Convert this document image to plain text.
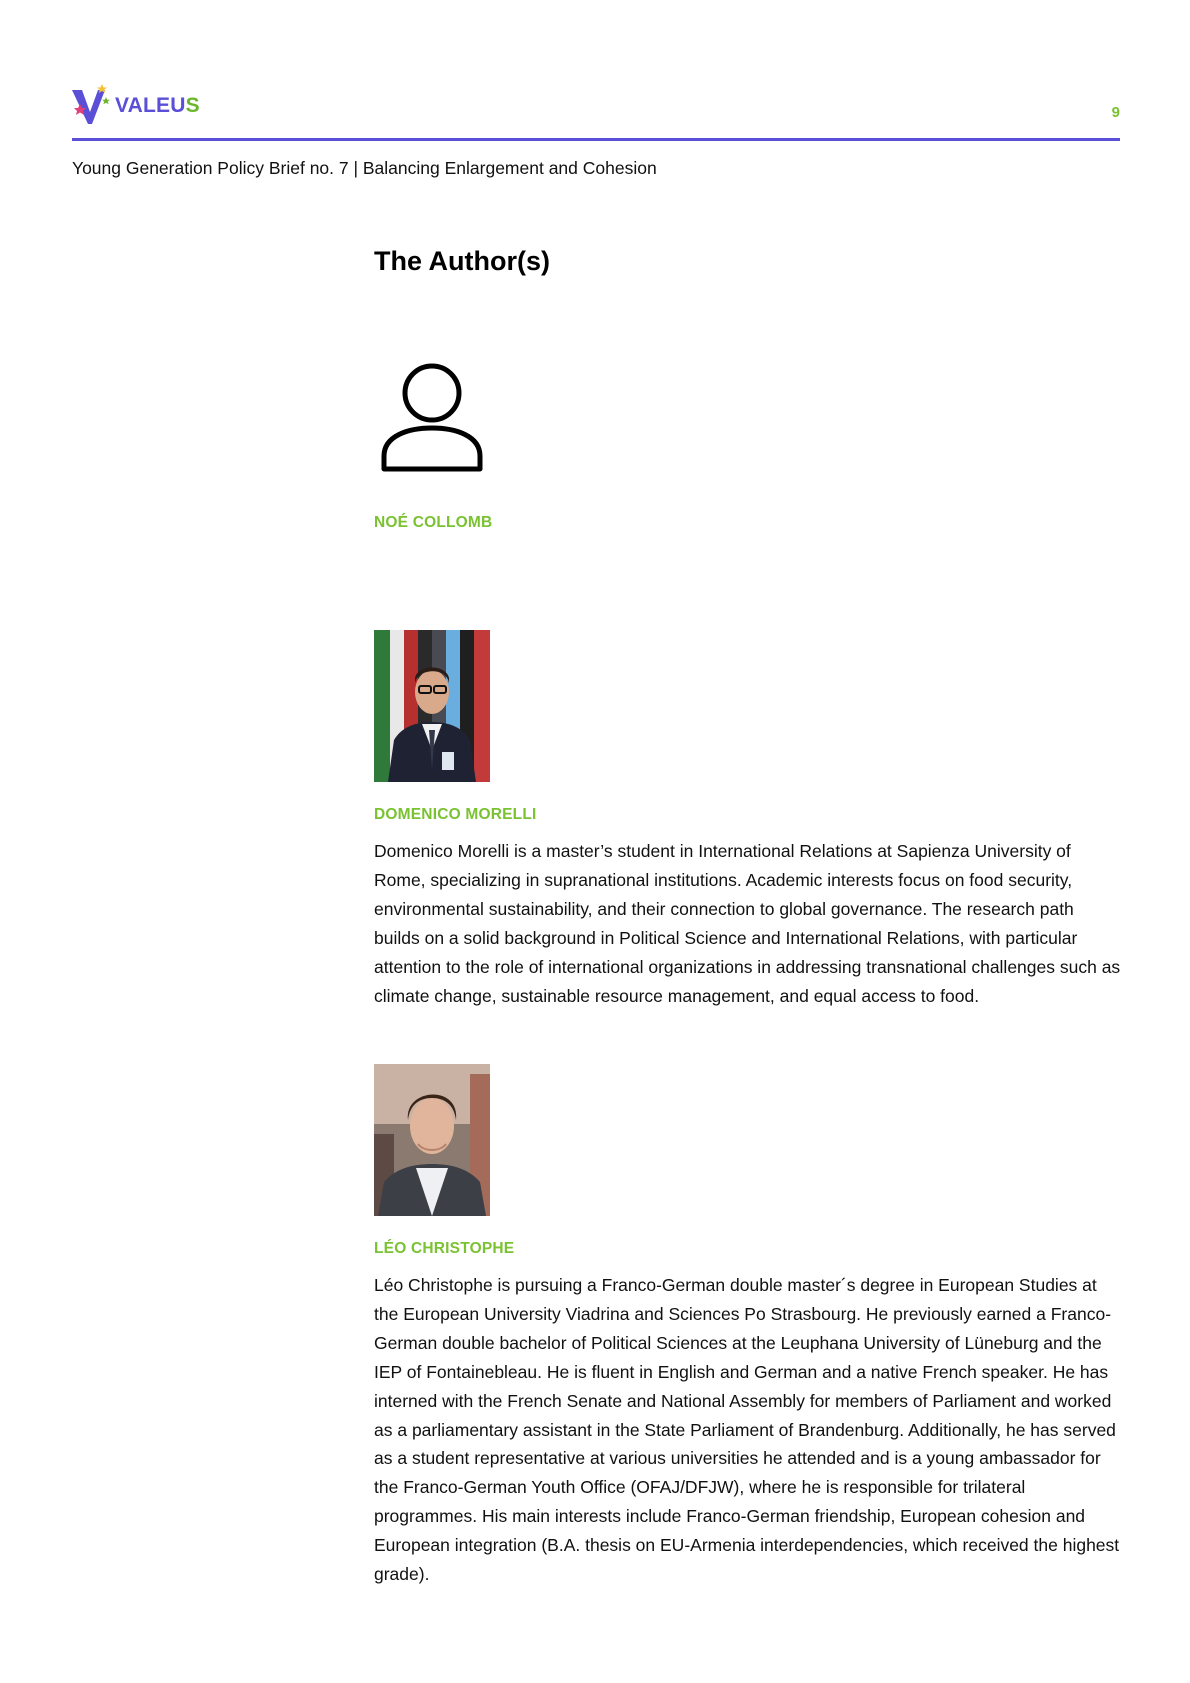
VALEUS	9
Young Generation Policy Brief no. 7 | Balancing Enlargement and Cohesion
The Author(s)
NOÉ COLLOMB
DOMENICO MORELLI

Domenico Morelli is a master’s student in International Relations at Sapienza University of Rome, specializing in supranational institutions. Academic interests focus on food security, environmental sustainability, and their connection to global governance. The research path builds on a solid background in Political Science and International Relations, with particular attention to the role of international organizations in addressing transnational challenges such as climate change, sustainable resource management, and equal access to food.

LÉO CHRISTOPHE

Léo Christophe is pursuing a Franco-German double master´s degree in European Studies at the European University Viadrina and Sciences Po Strasbourg. He previously earned a Franco-German double bachelor of Political Sciences at the Leuphana University of Lüneburg and the IEP of Fontainebleau. He is fluent in English and German and a native French speaker. He has interned with the French Senate and National Assembly for members of Parliament and worked as a parliamentary assistant in the State Parliament of Brandenburg. Additionally, he has served as a student representative at various universities he attended and is a young ambassador for the Franco-German Youth Office (OFAJ/DFJW), where he is responsible for trilateral programmes. His main interests include Franco-German friendship, European cohesion and European integration (B.A. thesis on EU-Armenia interdependencies, which received the highest grade).
